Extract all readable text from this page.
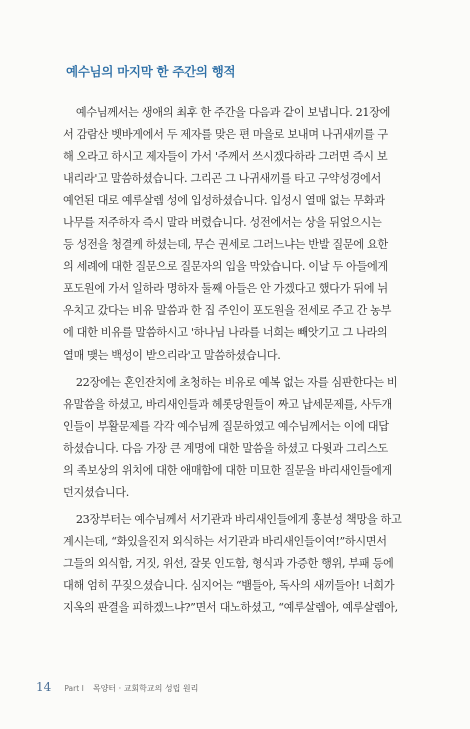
예수님의 마지막 한 주간의 행적
예수님께서는 생애의 최후 한 주간을 다음과 같이 보냅니다. 21장에
서 감람산 벳바게에서 두 제자를 맞은 편 마을로 보내며 나귀새끼를 구
해 오라고 하시고 제자들이 가서 '주께서 쓰시겠다하라 그러면 즉시 보
내리라'고 말씀하셨습니다. 그리곤 그 나귀새끼를 타고 구약성경에서
예언된 대로 예루살렘 성에 입성하셨습니다. 입성시 열매 없는 무화과
나무를 저주하자 즉시 말라 버렸습니다. 성전에서는 상을 뒤엎으시는
등 성전을 청결케 하셨는데, 무슨 권세로 그러느냐는 반발 질문에 요한
의 세례에 대한 질문으로 질문자의 입을 막았습니다. 이날 두 아들에게
포도원에 가서 일하라 명하자 둘째 아들은 안 가겠다고 했다가 뒤에 뉘
우치고 갔다는 비유 말씀과 한 집 주인이 포도원을 전세로 주고 간 농부
에 대한 비유를 말씀하시고 '하나님 나라를 너희는 빼앗기고 그 나라의
열매 맺는 백성이 받으리라'고 말씀하셨습니다.
22장에는 혼인잔치에 초청하는 비유로 예복 없는 자를 심판한다는 비
유말씀을 하셨고, 바리새인들과 헤롯당원들이 짜고 납세문제를, 사두개
인들이 부활문제를 각각 예수님께 질문하였고 예수님께서는 이에 대답
하셨습니다. 다음 가장 큰 계명에 대한 말씀을 하셨고 다윗과 그리스도
의 족보상의 위치에 대한 애매함에 대한 미묘한 질문을 바리새인들에게
던지셨습니다.
23장부터는 예수님께서 서기관과 바리새인들에게 훙분성 책망을 하고
계시는데, “화있을진저 외식하는 서기관과 바리새인들이여!”하시면서
그들의 외식함, 거짓, 위선, 잘못 인도함, 형식과 가증한 행위, 부패 등에
대해 엄히 꾸짖으셨습니다. 심지어는 “뱀들아, 독사의 새끼들아! 너희가
지옥의 판결을 피하겠느냐?”면서 대노하셨고, “예루살렘아, 예루살렘아,
14 Part I 목양터 · 교회학교의 성립 원리
